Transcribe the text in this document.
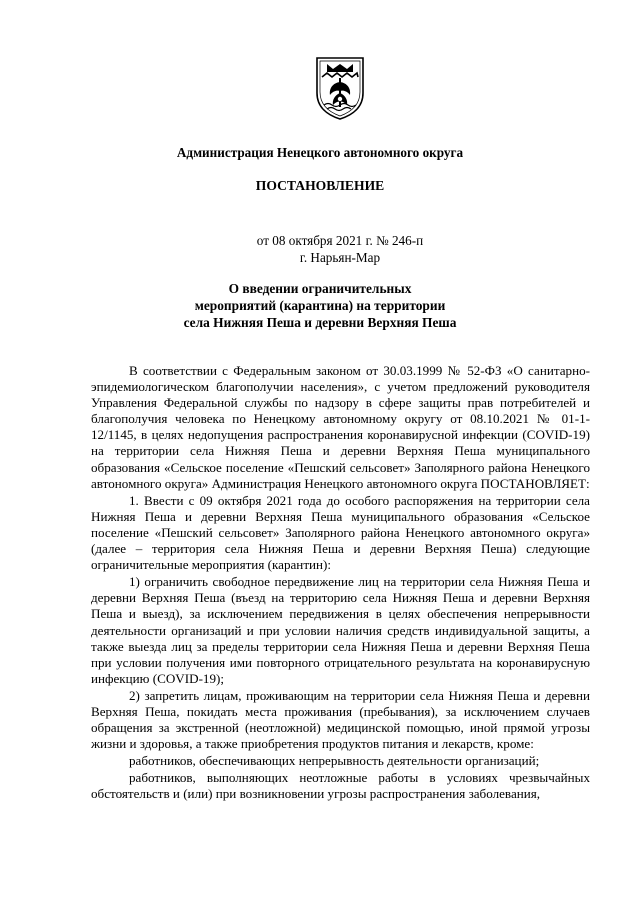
Администрация Ненецкого автономного округа
ПОСТАНОВЛЕНИЕ
от 08 октября 2021 г. № 246-п
г. Нарьян-Мар
О введении ограничительных
мероприятий (карантина) на территории
села Нижняя Пеша и деревни Верхняя Пеша

В соответствии с Федеральным законом от 30.03.1999 № 52-ФЗ «О санитарно-эпидемиологическом благополучии населения», с учетом предложений руководителя Управления Федеральной службы по надзору в сфере защиты прав потребителей и благополучия человека по Ненецкому автономному округу от 08.10.2021 № 01-1-12/1145, в целях недопущения распространения коронавирусной инфекции (COVID-19) на территории села Нижняя Пеша и деревни Верхняя Пеша муниципального образования «Сельское поселение «Пешский сельсовет» Заполярного района Ненецкого автономного округа» Администрация Ненецкого автономного округа ПОСТАНОВЛЯЕТ:

1. Ввести с 09 октября 2021 года до особого распоряжения на территории села Нижняя Пеша и деревни Верхняя Пеша муниципального образования «Сельское поселение «Пешский сельсовет» Заполярного района Ненецкого автономного округа» (далее – территория села Нижняя Пеша и деревни Верхняя Пеша) следующие ограничительные мероприятия (карантин):

1) ограничить свободное передвижение лиц на территории села Нижняя Пеша и деревни Верхняя Пеша (въезд на территорию села Нижняя Пеша и деревни Верхняя Пеша и выезд), за исключением передвижения в целях обеспечения непрерывности деятельности организаций и при условии наличия средств индивидуальной защиты, а также выезда лиц за пределы территории села Нижняя Пеша и деревни Верхняя Пеша при условии получения ими повторного отрицательного результата на коронавирусную инфекцию (COVID-19);

2) запретить лицам, проживающим на территории села Нижняя Пеша и деревни Верхняя Пеша, покидать места проживания (пребывания), за исключением случаев обращения за экстренной (неотложной) медицинской помощью, иной прямой угрозы жизни и здоровья, а также приобретения продуктов питания и лекарств, кроме:

работников, обеспечивающих непрерывность деятельности организаций;

работников, выполняющих неотложные работы в условиях чрезвычайных обстоятельств и (или) при возникновении угрозы распространения заболевания,
